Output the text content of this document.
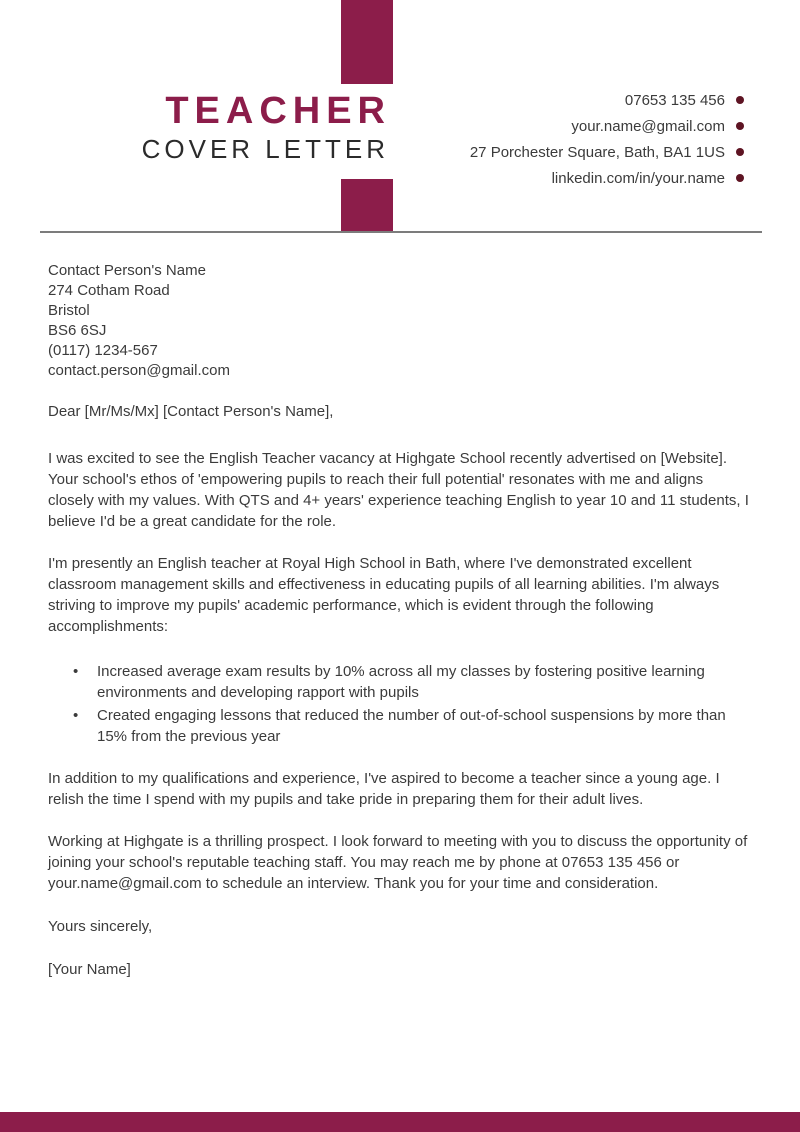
TEACHER
COVER LETTER
07653 135 456
your.name@gmail.com
27 Porchester Square, Bath, BA1 1US
linkedin.com/in/your.name

Contact Person's Name

274 Cotham Road

Bristol

BS6 6SJ

(0117) 1234-567

contact.person@gmail.com

Dear [Mr/Ms/Mx] [Contact Person's Name],

I was excited to see the English Teacher vacancy at Highgate School recently advertised on [Website]. Your school's ethos of 'empowering pupils to reach their full potential' resonates with me and aligns closely with my values. With QTS and 4+ years' experience teaching English to year 10 and 11 students, I believe I'd be a great candidate for the role.

I'm presently an English teacher at Royal High School in Bath, where I've demonstrated excellent classroom management skills and effectiveness in educating pupils of all learning abilities. I'm always striving to improve my pupils' academic performance, which is evident through the following accomplishments:

• Increased average exam results by 10% across all my classes by fostering positive learning environments and developing rapport with pupils
• Created engaging lessons that reduced the number of out-of-school suspensions by more than 15% from the previous year

In addition to my qualifications and experience, I've aspired to become a teacher since a young age. I relish the time I spend with my pupils and take pride in preparing them for their adult lives.

Working at Highgate is a thrilling prospect. I look forward to meeting with you to discuss the opportunity of joining your school's reputable teaching staff. You may reach me by phone at 07653 135 456 or your.name@gmail.com to schedule an interview. Thank you for your time and consideration.

Yours sincerely,

[Your Name]
